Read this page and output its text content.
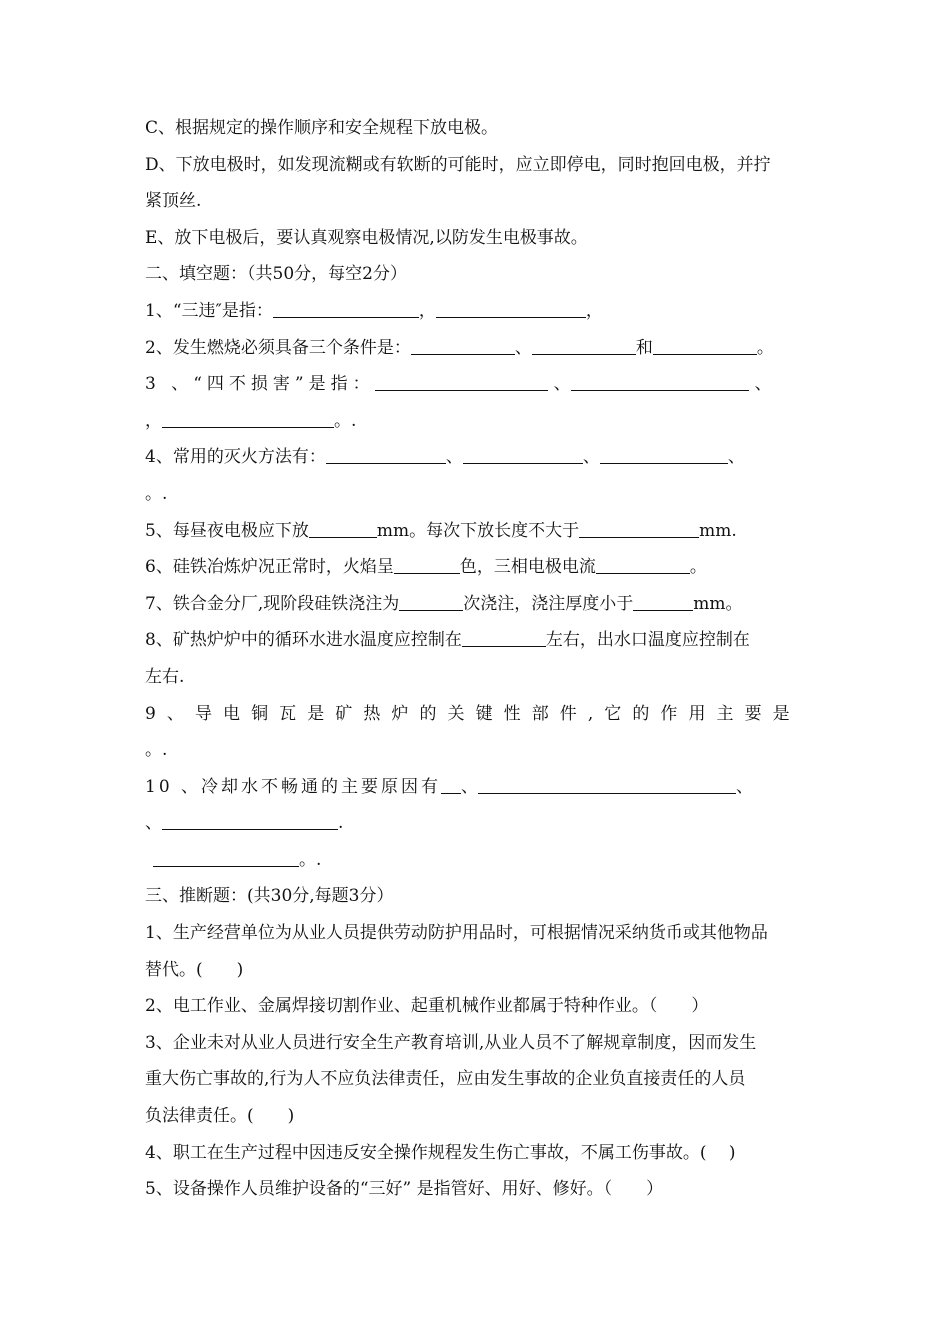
C、根据规定的操作顺序和安全规程下放电极。
D、下放电极时，如发现流糊或有软断的可能时，应立即停电，同时抱回电极，并拧
紧顶丝.
E、放下电极后，要认真观察电极情况,以防发生电极事故。
二、填空题：（共50分，每空2分）
1、“三违″是指：	，	，
2、发生燃烧必须具备三个条件是：	、	和	。
3 、“四不损害”是指：	、	、
，	。.
4、常用的灭火方法有：	、	、	、
。.
5、每昼夜电极应下放	mm。每次下放长度不大于	mm.
6、硅铁冶炼炉况正常时，火焰呈	色，三相电极电流	。
7、铁合金分厂,现阶段硅铁浇注为	次浇注，浇注厚度小于	mm。
8、矿热炉炉中的循环水进水温度应控制在	左右，出水口温度应控制在
左右.
9 、 导 电 铜 瓦 是 矿 热 炉 的 关 键 性 部 件 , 它 的 作 用 主 要 是
。.
10 、冷却水不畅通的主要原因有 、	、
、	.
。.
三、推断题：(共30分,每题3分）
1、生产经营单位为从业人员提供劳动防护用品时，可根据情况采纳货币或其他物品
替代。(　　)
2、电工作业、金属焊接切割作业、起重机械作业都属于特种作业。（　　）
3、企业未对从业人员进行安全生产教育培训,从业人员不了解规章制度，因而发生
重大伤亡事故的,行为人不应负法律责任，应由发生事故的企业负直接责任的人员
负法律责任。(　　)
4、职工在生产过程中因违反安全操作规程发生伤亡事故，不属工伤事故。(　 )
5、设备操作人员维护设备的“三好” 是指管好、用好、修好。（　　）
